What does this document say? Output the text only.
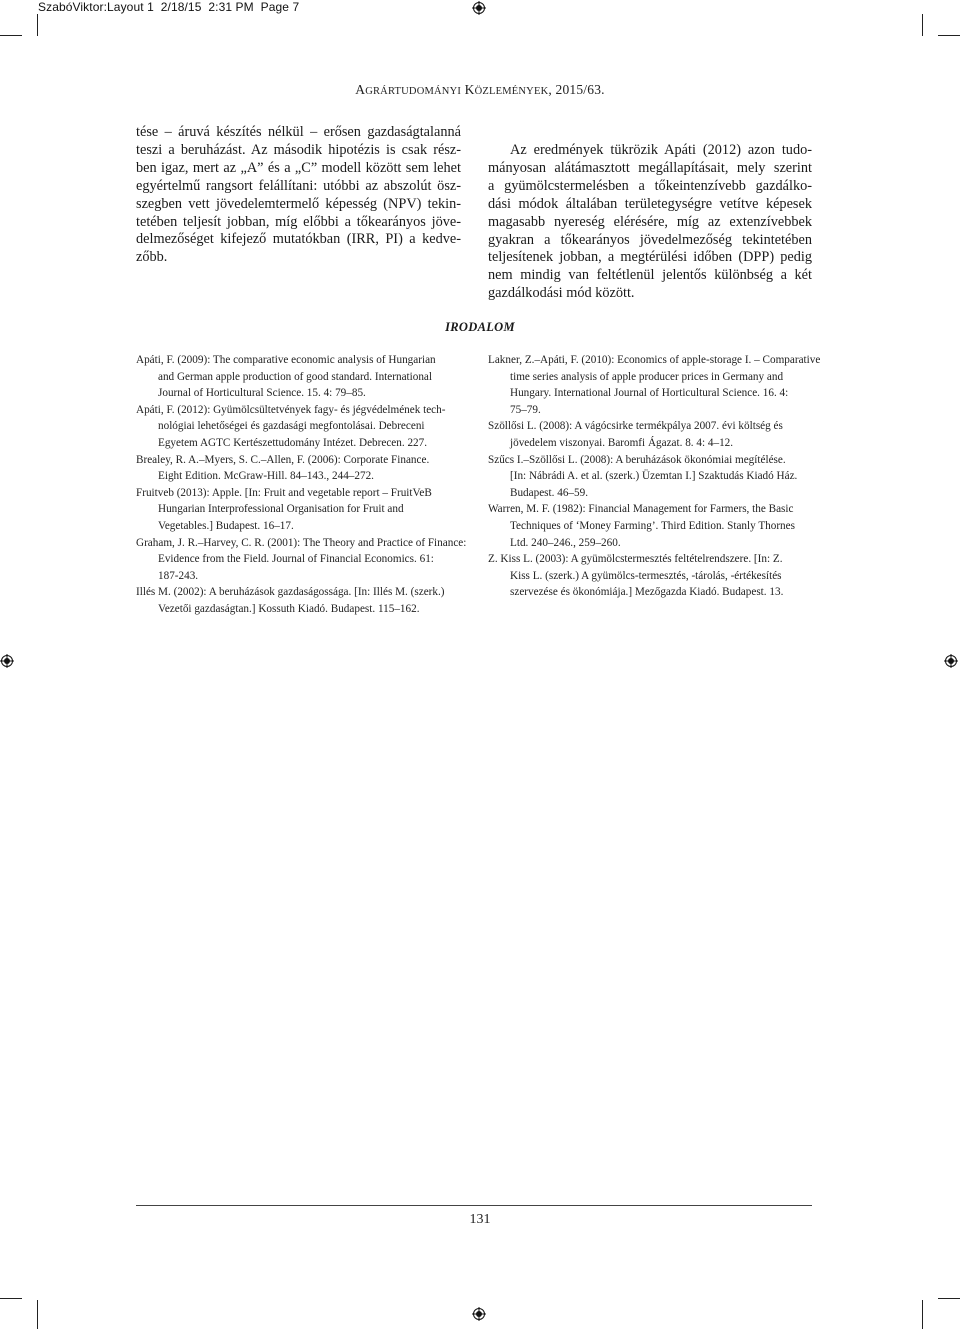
SzabóViktor:Layout 1 2/18/15 2:31 PM Page 7
AGRÁRTUDOMÁNYI KÖZLEMÉNYEK, 2015/63.

tése – áruvá készítés nélkül – erősen gazdaságtalanná
teszi a beruházást. Az második hipotézis is csak rész-
ben igaz, mert az „A” és a „C” modell között sem lehet
egyértelmű rangsort felállítani: utóbbi az abszolút ösz-
szegben vett jövedelemtermelő képesség (NPV) tekin-
tetében teljesít jobban, míg előbbi a tőkearányos jöve-
delmezőséget kifejező mutatókban (IRR, PI) a kedve-
zőbb.

Az eredmények tükrözik Apáti (2012) azon tudo-
mányosan alátámasztott megállapításait, mely szerint
a gyümölcstermelésben a tőkeintenzívebb gazdálko-
dási módok általában területegységre vetítve képesek
magasabb nyereség elérésére, míg az extenzívebbek
gyakran a tőkearányos jövedelmezőség tekintetében
teljesítenek jobban, a megtérülési időben (DPP) pedig
nem mindig van feltétlenül jelentős különbség a két
gazdálkodási mód között.

IRODALOM
Apáti, F. (2009): The comparative economic analysis of Hungarian
and German apple production of good standard. International
Journal of Horticultural Science. 15. 4: 79–85.
Apáti, F. (2012): Gyümölcsültetvények fagy- és jégvédelmének tech-
nológiai lehetőségei és gazdasági megfontolásai. Debreceni
Egyetem AGTC Kertészettudomány Intézet. Debrecen. 227.
Brealey, R. A.–Myers, S. C.–Allen, F. (2006): Corporate Finance.
Eight Edition. McGraw-Hill. 84–143., 244–272.
Fruitveb (2013): Apple. [In: Fruit and vegetable report – FruitVeB
Hungarian Interprofessional Organisation for Fruit and
Vegetables.] Budapest. 16–17.
Graham, J. R.–Harvey, C. R. (2001): The Theory and Practice of Finance:
Evidence from the Field. Journal of Financial Economics. 61:
187-243.
Illés M. (2002): A beruházások gazdaságossága. [In: Illés M. (szerk.)
Vezetői gazdaságtan.] Kossuth Kiadó. Budapest. 115–162.
Lakner, Z.–Apáti, F. (2010): Economics of apple-storage I. – Comparative
time series analysis of apple producer prices in Germany and
Hungary. International Journal of Horticultural Science. 16. 4:
75–79.
Szöllősi L. (2008): A vágócsirke termékpálya 2007. évi költség és
jövedelem viszonyai. Baromfi Ágazat. 8. 4: 4–12.
Szűcs I.–Szöllősi L. (2008): A beruházások ökonómiai megítélése.
[In: Nábrádi A. et al. (szerk.) Üzemtan I.] Szaktudás Kiadó Ház.
Budapest. 46–59.
Warren, M. F. (1982): Financial Management for Farmers, the Basic
Techniques of ‘Money Farming’. Third Edition. Stanly Thornes
Ltd. 240–246., 259–260.
Z. Kiss L. (2003): A gyümölcstermesztés feltételrendszere. [In: Z.
Kiss L. (szerk.) A gyümölcs-termesztés, -tárolás, -értékesítés
szervezése és ökonómiája.] Mezőgazda Kiadó. Budapest. 13.
131
